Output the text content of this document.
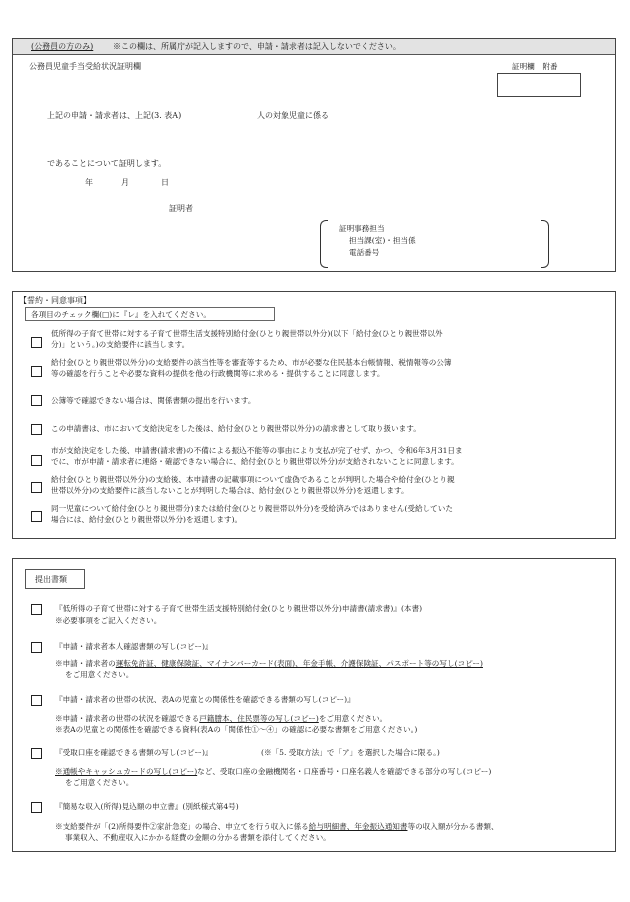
(公務員の方のみ) ※この欄は、所属庁が記入しますので、申請・請求者は記入しないでください。
公務員児童手当受給状況証明欄	証明欄　附番
上記の申請・請求者は、上記(3. 表A)	人の対象児童に係る
であることについて証明します。
年	月	日
証明者
証明事務担当
担当課(室)・担当係
電話番号
【誓約・同意事項】
各項目のチェック欄(□)に『レ』を入れてください。
低所得の子育て世帯に対する子育て世帯生活支援特別給付金(ひとり親世帯以外分)(以下「給付金(ひとり親世帯以外
分)」という。)の支給要件に該当します。
給付金(ひとり親世帯以外分)の支給要件の該当性等を審査等するため、市が必要な住民基本台帳情報、税情報等の公簿
等の確認を行うことや必要な資料の提供を他の行政機関等に求める・提供することに同意します。
公簿等で確認できない場合は、関係書類の提出を行います。
この申請書は、市において支給決定をした後は、給付金(ひとり親世帯以外分)の請求書として取り扱います。
市が支給決定をした後、申請書(請求書)の不備による振込不能等の事由により支払が完了せず、かつ、令和6年3月31日ま
でに、市が申請・請求者に連絡・確認できない場合に、給付金(ひとり親世帯以外分)が支給されないことに同意します。
給付金(ひとり親世帯以外分)の支給後、本申請書の記載事項について虚偽であることが判明した場合や給付金(ひとり親
世帯以外分)の支給要件に該当しないことが判明した場合は、給付金(ひとり親世帯以外分)を返還します。
同一児童について給付金(ひとり親世帯分)または給付金(ひとり親世帯以外分)を受給済みではありません(受給していた
場合には、給付金(ひとり親世帯以外分)を返還します)。
提出書類
『低所得の子育て世帯に対する子育て世帯生活支援特別給付金(ひとり親世帯以外分)申請書(請求書)』(本書)
※必要事項をご記入ください。
『申請・請求者本人確認書類の写し(コピー)』
※申請・請求者の運転免許証、健康保険証、マイナンバーカード(表面)、年金手帳、介護保険証、パスポート等の写し(コピー)
をご用意ください。
『申請・請求者の世帯の状況、表Aの児童との関係性を確認できる書類の写し(コピー)』
※申請・請求者の世帯の状況を確認できる戸籍謄本、住民票等の写し(コピー)をご用意ください。
※表Aの児童との関係性を確認できる資料(表Aの「関係性①～④」の確認に必要な書類をご用意ください。)
『受取口座を確認できる書類の写し(コピー)』	(※「5. 受取方法」で「ア」を選択した場合に限る。)
※通帳やキャッシュカードの写し(コピー)など、受取口座の金融機関名・口座番号・口座名義人を確認できる部分の写し(コピー)
をご用意ください。
『簡易な収入(所得)見込額の申立書』(別紙様式第4号)
※支給要件が「(2)所得要件②家計急変」の場合、申立てを行う収入に係る給与明細書、年金振込通知書等の収入額が分かる書類、
事業収入、不動産収入にかかる経費の金額の分かる書類を添付してください。
